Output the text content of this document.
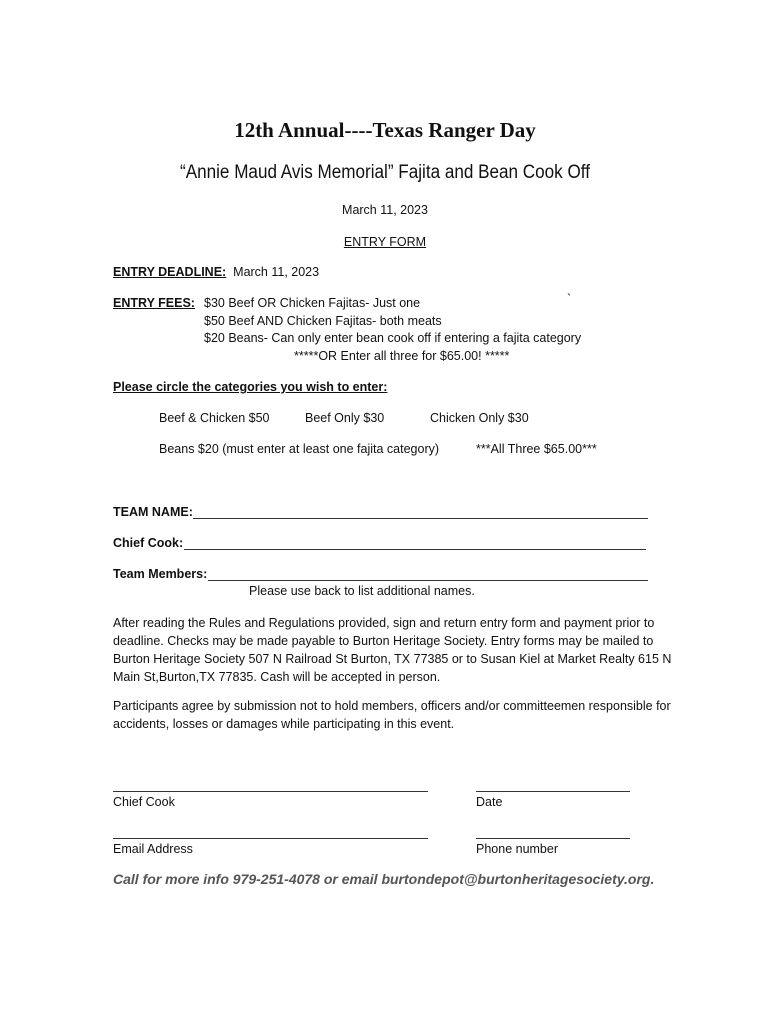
12th Annual----Texas Ranger Day
“Annie Maud Avis Memorial” Fajita and Bean Cook Off
March 11, 2023
ENTRY FORM
ENTRY DEADLINE: March 11, 2023
ENTRY FEES: $30 Beef OR Chicken Fajitas- Just one	`
$50 Beef AND Chicken Fajitas- both meats
$20 Beans- Can only enter bean cook off if entering a fajita category
*****OR Enter all three for $65.00! *****
Please circle the categories you wish to enter:
Beef & Chicken $50	Beef Only $30	Chicken Only $30
Beans $20 (must enter at least one fajita category)	***All Three $65.00***
TEAM NAME:
Chief Cook:
Team Members:
Please use back to list additional names.
After reading the Rules and Regulations provided, sign and return entry form and payment prior to deadline. Checks may be made payable to Burton Heritage Society. Entry forms may be mailed to Burton Heritage Society 507 N Railroad St Burton, TX 77385 or to Susan Kiel at Market Realty 615 N Main St,Burton,TX 77835. Cash will be accepted in person.
Participants agree by submission not to hold members, officers and/or committeemen responsible for accidents, losses or damages while participating in this event.
Chief Cook	Date
Email Address	Phone number
Call for more info 979-251-4078 or email burtondepot@burtonheritagesociety.org.
